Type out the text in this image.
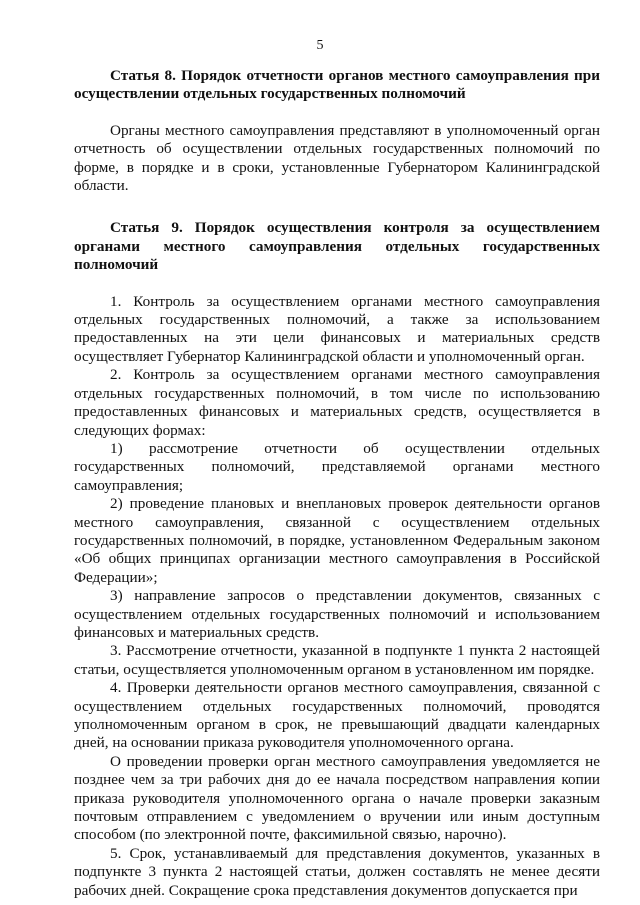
5

Статья 8. Порядок отчетности органов местного самоуправления при осуществлении отдельных государственных полномочий

Органы местного самоуправления представляют в уполномоченный орган отчетность об осуществлении отдельных государственных полномочий по форме, в порядке и в сроки, установленные Губернатором Калининградской области.

Статья 9. Порядок осуществления контроля за осуществлением органами местного самоуправления отдельных государственных полномочий

1. Контроль за осуществлением органами местного самоуправления отдельных государственных полномочий, а также за использованием предоставленных на эти цели финансовых и материальных средств осуществляет Губернатор Калининградской области и уполномоченный орган.

2. Контроль за осуществлением органами местного самоуправления отдельных государственных полномочий, в том числе по использованию предоставленных финансовых и материальных средств, осуществляется в следующих формах:

1) рассмотрение отчетности об осуществлении отдельных государственных полномочий, представляемой органами местного самоуправления;

2) проведение плановых и внеплановых проверок деятельности органов местного самоуправления, связанной с осуществлением отдельных государственных полномочий, в порядке, установленном Федеральным законом «Об общих принципах организации местного самоуправления в Российской Федерации»;

3) направление запросов о представлении документов, связанных с осуществлением отдельных государственных полномочий и использованием финансовых и материальных средств.

3. Рассмотрение отчетности, указанной в подпункте 1 пункта 2 настоящей статьи, осуществляется уполномоченным органом в установленном им порядке.

4. Проверки деятельности органов местного самоуправления, связанной с осуществлением отдельных государственных полномочий, проводятся уполномоченным органом в срок, не превышающий двадцати календарных дней, на основании приказа руководителя уполномоченного органа.

О проведении проверки орган местного самоуправления уведомляется не позднее чем за три рабочих дня до ее начала посредством направления копии приказа руководителя уполномоченного органа о начале проверки заказным почтовым отправлением с уведомлением о вручении или иным доступным способом (по электронной почте, факсимильной связью, нарочно).

5. Срок, устанавливаемый для представления документов, указанных в подпункте 3 пункта 2 настоящей статьи, должен составлять не менее десяти рабочих дней. Сокращение срока представления документов допускается при
